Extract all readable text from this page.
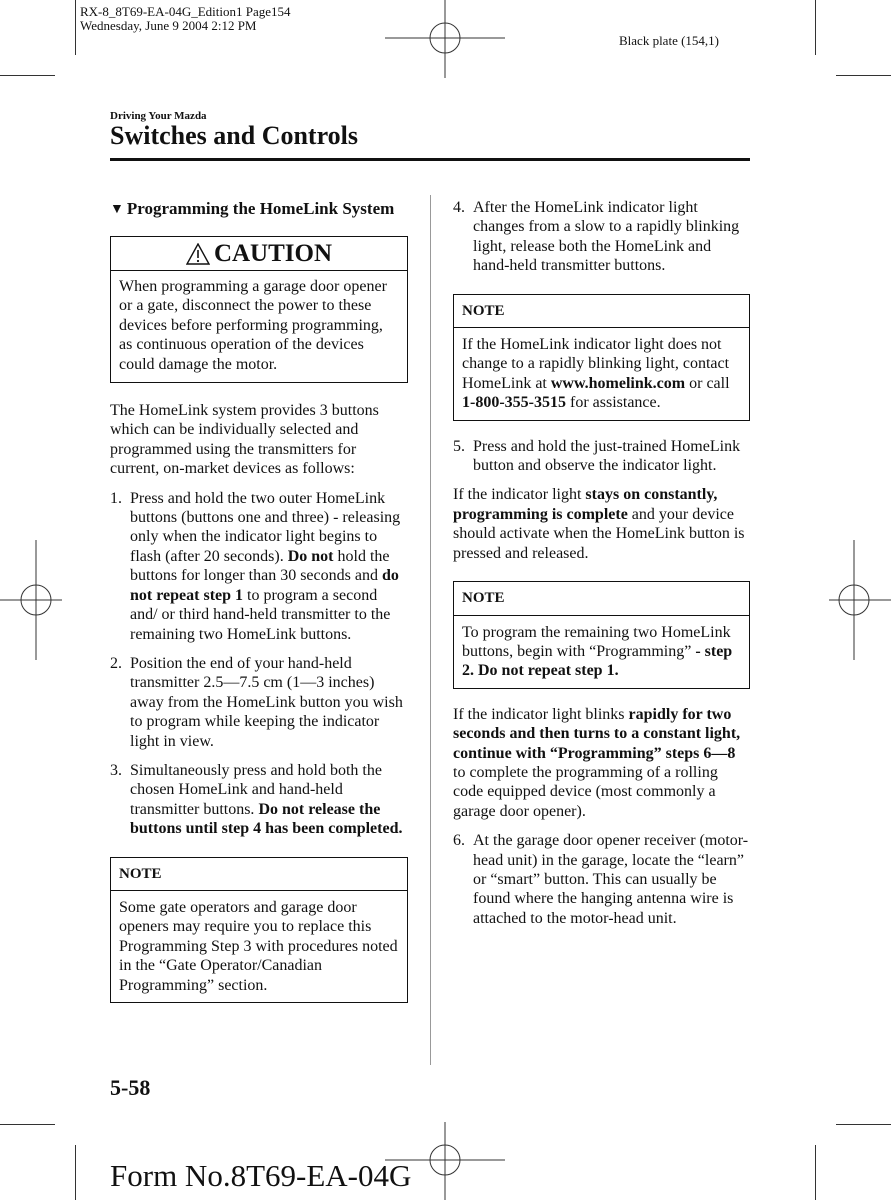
RX-8_8T69-EA-04G_Edition1 Page154
Wednesday, June 9 2004 2:12 PM
Black plate (154,1)
Driving Your Mazda
Switches and Controls
▼ Programming the HomeLink System
CAUTION
When programming a garage door opener or a gate, disconnect the power to these devices before performing programming, as continuous operation of the devices could damage the motor.

The HomeLink system provides 3 buttons which can be individually selected and programmed using the transmitters for current, on-market devices as follows:

1. Press and hold the two outer HomeLink buttons (buttons one and three) - releasing only when the indicator light begins to flash (after 20 seconds). Do not hold the buttons for longer than 30 seconds and do not repeat step 1 to program a second and/ or third hand-held transmitter to the remaining two HomeLink buttons.
2. Position the end of your hand-held transmitter 2.5―7.5 cm (1―3 inches) away from the HomeLink button you wish to program while keeping the indicator light in view.
3. Simultaneously press and hold both the chosen HomeLink and hand-held transmitter buttons. Do not release the buttons until step 4 has been completed.
NOTE
Some gate operators and garage door openers may require you to replace this Programming Step 3 with procedures noted in the “Gate Operator/Canadian Programming” section.
4. After the HomeLink indicator light changes from a slow to a rapidly blinking light, release both the HomeLink and hand-held transmitter buttons.
NOTE
If the HomeLink indicator light does not change to a rapidly blinking light, contact HomeLink at www.homelink.com or call 1-800-355-3515 for assistance.
5. Press and hold the just-trained HomeLink button and observe the indicator light.

If the indicator light stays on constantly, programming is complete and your device should activate when the HomeLink button is pressed and released.

NOTE
To program the remaining two HomeLink buttons, begin with “Programming” - step 2. Do not repeat step 1.

If the indicator light blinks rapidly for two seconds and then turns to a constant light, continue with “Programming” steps 6―8 to complete the programming of a rolling code equipped device (most commonly a garage door opener).

6. At the garage door opener receiver (motor-head unit) in the garage, locate the “learn” or “smart” button. This can usually be found where the hanging antenna wire is attached to the motor-head unit.
5-58
Form No.8T69-EA-04G
